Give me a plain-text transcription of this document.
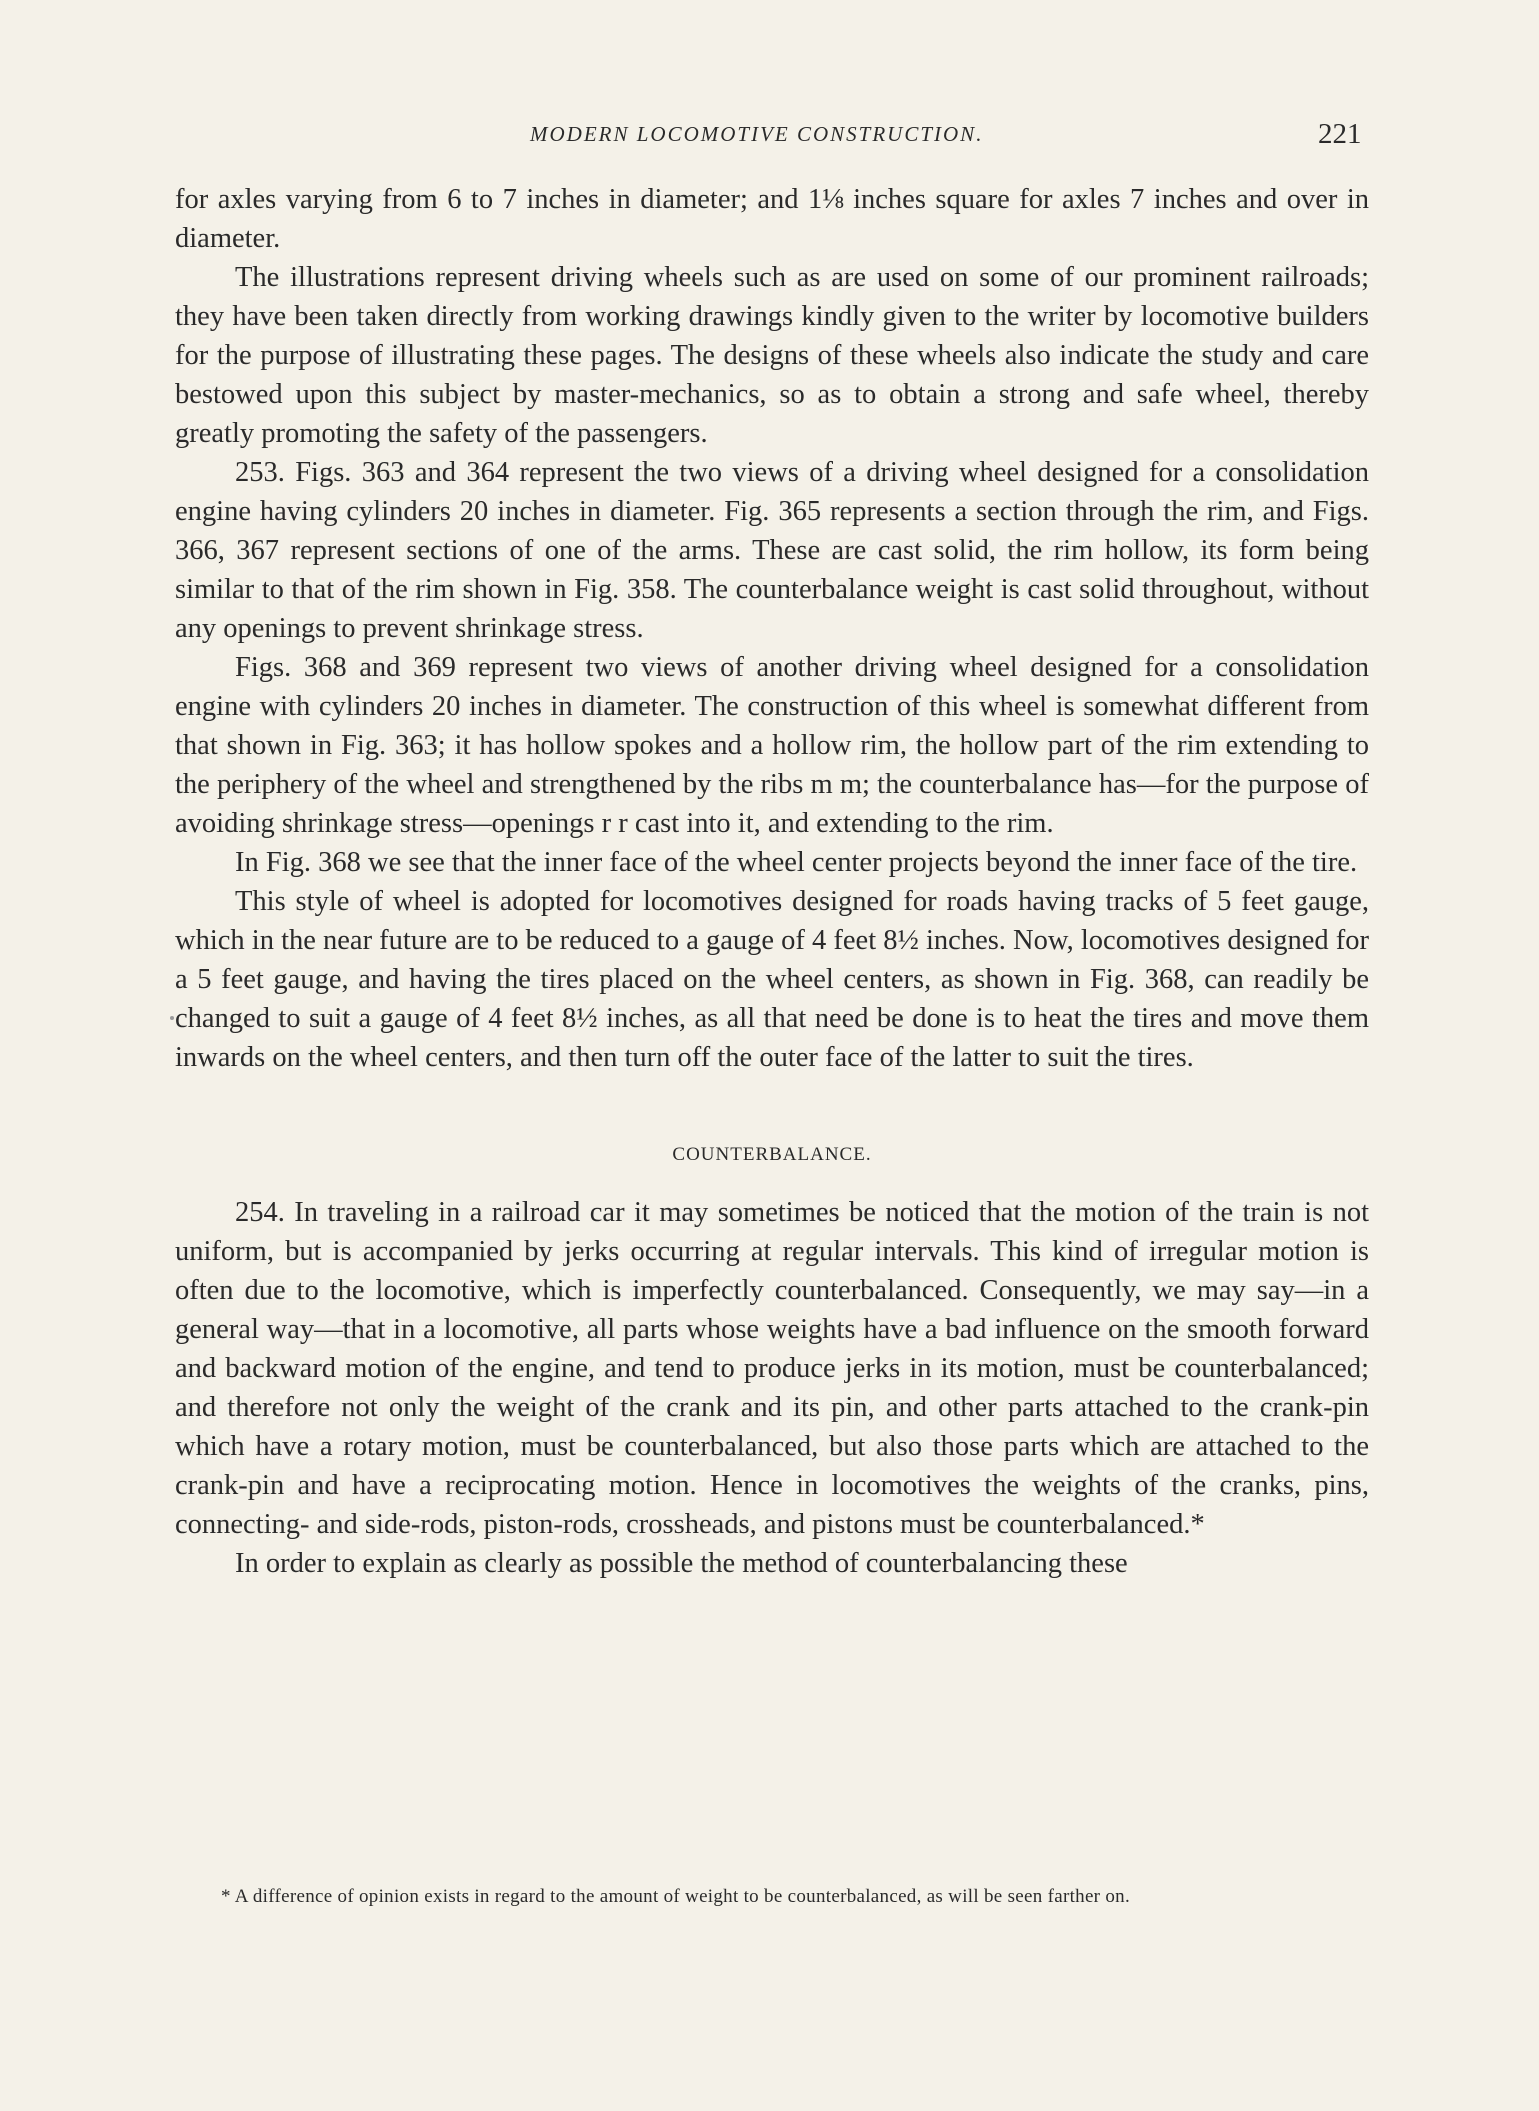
MODERN LOCOMOTIVE CONSTRUCTION.	221

for axles varying from 6 to 7 inches in diameter; and 1⅛ inches square for axles 7 inches and over in diameter.

The illustrations represent driving wheels such as are used on some of our prominent railroads; they have been taken directly from working drawings kindly given to the writer by locomotive builders for the purpose of illustrating these pages. The designs of these wheels also indicate the study and care bestowed upon this subject by master-mechanics, so as to obtain a strong and safe wheel, thereby greatly promoting the safety of the passengers.

253. Figs. 363 and 364 represent the two views of a driving wheel designed for a consolidation engine having cylinders 20 inches in diameter. Fig. 365 represents a section through the rim, and Figs. 366, 367 represent sections of one of the arms. These are cast solid, the rim hollow, its form being similar to that of the rim shown in Fig. 358. The counterbalance weight is cast solid throughout, without any openings to prevent shrinkage stress.

Figs. 368 and 369 represent two views of another driving wheel designed for a consolidation engine with cylinders 20 inches in diameter. The construction of this wheel is somewhat different from that shown in Fig. 363; it has hollow spokes and a hollow rim, the hollow part of the rim extending to the periphery of the wheel and strengthened by the ribs m m; the counterbalance has—for the purpose of avoiding shrinkage stress—openings r r cast into it, and extending to the rim.

In Fig. 368 we see that the inner face of the wheel center projects beyond the inner face of the tire.

This style of wheel is adopted for locomotives designed for roads having tracks of 5 feet gauge, which in the near future are to be reduced to a gauge of 4 feet 8½ inches. Now, locomotives designed for a 5 feet gauge, and having the tires placed on the wheel centers, as shown in Fig. 368, can readily be changed to suit a gauge of 4 feet 8½ inches, as all that need be done is to heat the tires and move them inwards on the wheel centers, and then turn off the outer face of the latter to suit the tires.

COUNTERBALANCE.

254. In traveling in a railroad car it may sometimes be noticed that the motion of the train is not uniform, but is accompanied by jerks occurring at regular intervals. This kind of irregular motion is often due to the locomotive, which is imperfectly counterbalanced. Consequently, we may say—in a general way—that in a locomotive, all parts whose weights have a bad influence on the smooth forward and backward motion of the engine, and tend to produce jerks in its motion, must be counterbalanced; and therefore not only the weight of the crank and its pin, and other parts attached to the crank-pin which have a rotary motion, must be counterbalanced, but also those parts which are attached to the crank-pin and have a reciprocating motion. Hence in locomotives the weights of the cranks, pins, connecting- and side-rods, piston-rods, crossheads, and pistons must be counterbalanced.*

In order to explain as clearly as possible the method of counterbalancing these

* A difference of opinion exists in regard to the amount of weight to be counterbalanced, as will be seen farther on.
